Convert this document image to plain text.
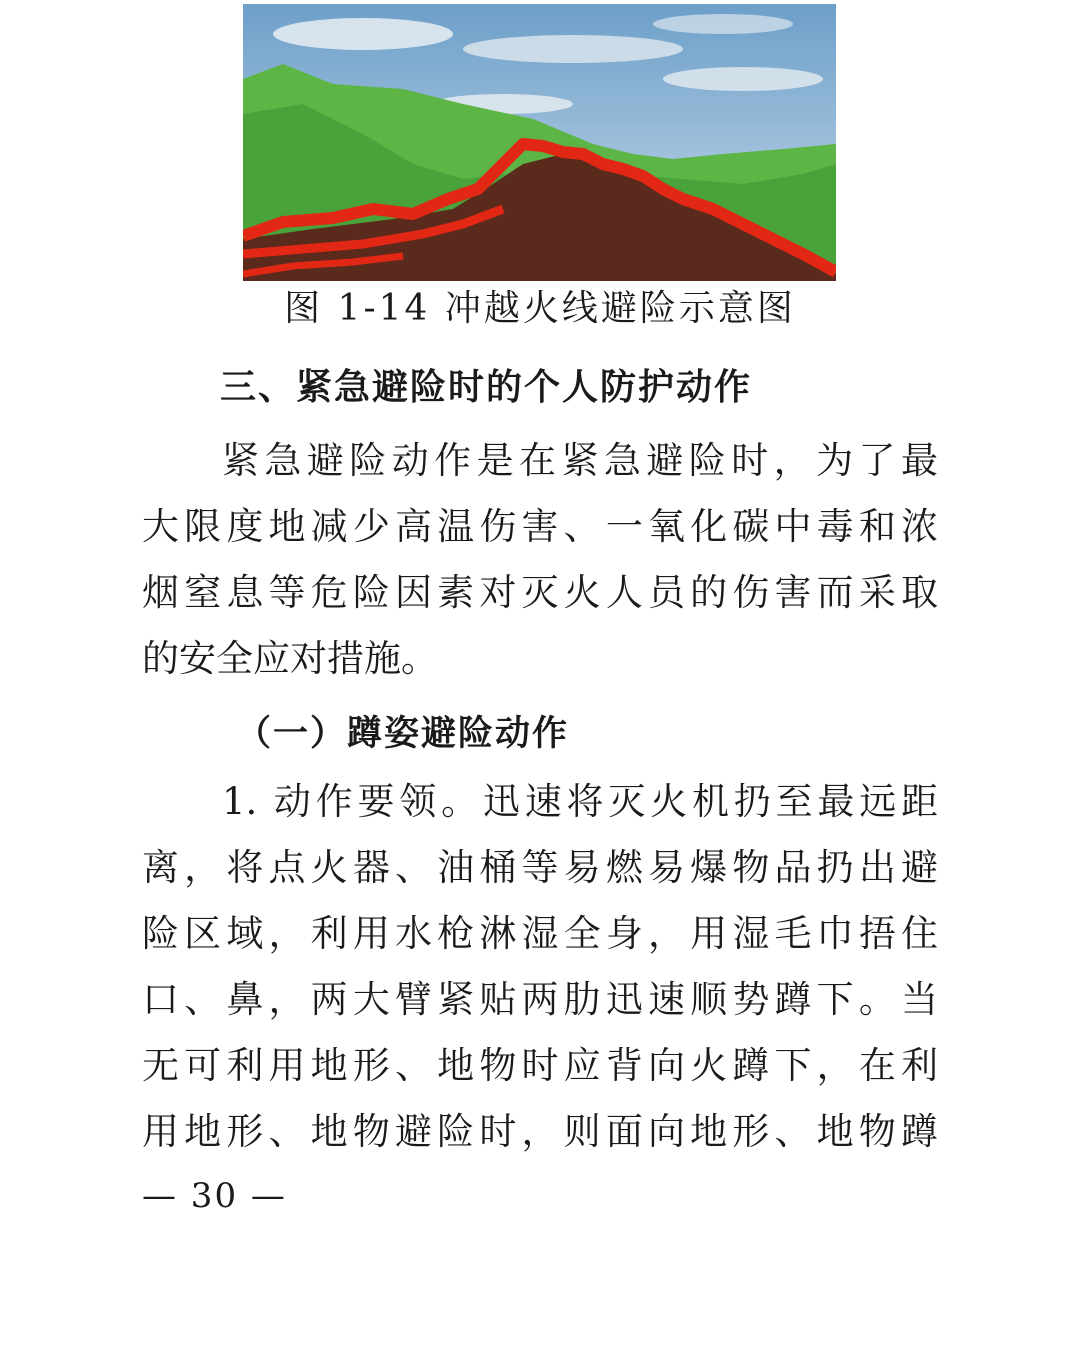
图 1-14 冲越火线避险示意图
三、紧急避险时的个人防护动作
紧急避险动作是在紧急避险时，为了最
大限度地减少高温伤害、一氧化碳中毒和浓
烟窒息等危险因素对灭火人员的伤害而采取
的安全应对措施。
（一）蹲姿避险动作
1. 动作要领。迅速将灭火机扔至最远距
离，将点火器、油桶等易燃易爆物品扔出避
险区域，利用水枪淋湿全身，用湿毛巾捂住
口、鼻，两大臂紧贴两肋迅速顺势蹲下。当
无可利用地形、地物时应背向火蹲下，在利
用地形、地物避险时，则面向地形、地物蹲
— 30 —
